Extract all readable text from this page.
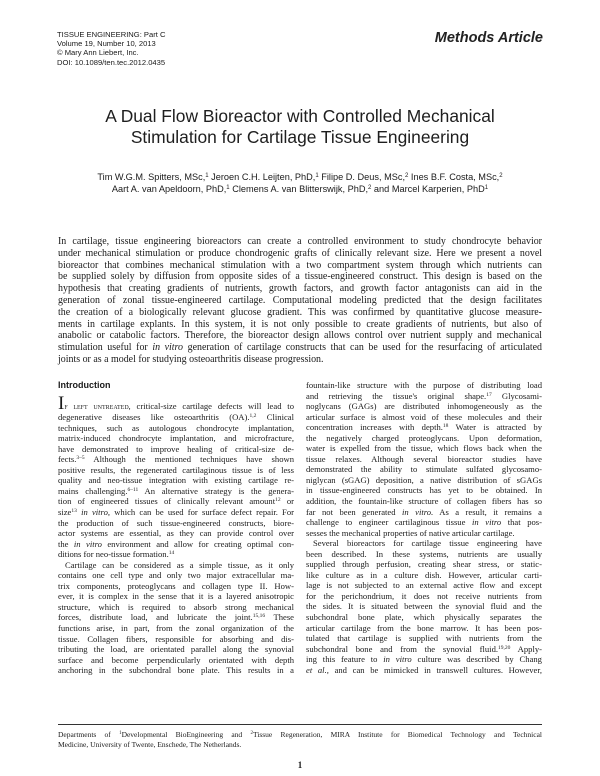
TISSUE ENGINEERING: Part C
Volume 19, Number 10, 2013
© Mary Ann Liebert, Inc.
DOI: 10.1089/ten.tec.2012.0435
Methods Article
A Dual Flow Bioreactor with Controlled Mechanical
Stimulation for Cartilage Tissue Engineering
Tim W.G.M. Spitters, MSc,$^1$ Jeroen C.H. Leijten, PhD,$^1$ Filipe D. Deus, MSc,$^2$ Ines B.F. Costa, MSc,$^2$
Aart A. van Apeldoorn, PhD,$^1$ Clemens A. van Blitterswijk, PhD,$^2$ and Marcel Karperien, PhD$^1$
In cartilage, tissue engineering bioreactors can create a controlled environment to study chondrocyte behavior
under mechanical stimulation or produce chondrogenic grafts of clinically relevant size. Here we present a novel
bioreactor that combines mechanical stimulation with a two compartment system through which nutrients can
be supplied solely by diffusion from opposite sides of a tissue-engineered construct. This design is based on the
hypothesis that creating gradients of nutrients, growth factors, and growth factor antagonists can aid in the
generation of zonal tissue-engineered cartilage. Computational modeling predicted that the design facilitates
the creation of a biologically relevant glucose gradient. This was confirmed by quantitative glucose measure-
ments in cartilage explants. In this system, it is not only possible to create gradients of nutrients, but also of
anabolic or catabolic factors. Therefore, the bioreactor design allows control over nutrient supply and mechanical
stimulation useful for in vitro generation of cartilage constructs that can be used for the resurfacing of articulated
joints or as a model for studying osteoarthritis disease progression.
Introduction
If left untreated, critical-size cartilage defects will lead to
degenerative diseases like osteoarthritis (OA).$^{1,2}$ Clinical
techniques, such as autologous chondrocyte implantation,
matrix-induced chondrocyte implantation, and microfracture,
have demonstrated to improve healing of critical-size de-
fects.$^{3-5}$ Although the mentioned techniques have shown
positive results, the regenerated cartilaginous tissue is of less
quality and neo-tissue integration with existing cartilage re-
mains challenging.$^{6-11}$ An alternative strategy is the genera-
tion of engineered tissues of clinically relevant amount$^{12}$ or
size$^{13}$ in vitro, which can be used for surface defect repair. For
the production of such tissue-engineered constructs, biore-
actor systems are essential, as they can provide control over
the in vitro environment and allow for creating optimal con-
ditions for neo-tissue formation.$^{14}$
Cartilage can be considered as a simple tissue, as it only
contains one cell type and only two major extracellular ma-
trix components, proteoglycans and collagen type II. How-
ever, it is complex in the sense that it is a layered anisotropic
structure, which is required to absorb strong mechanical
forces, distribute load, and lubricate the joint.$^{15,16}$ These
functions arise, in part, from the zonal organization of the
tissue. Collagen fibers, responsible for absorbing and dis-
tributing the load, are orientated parallel along the synovial
surface and become perpendicularly orientated with depth
anchoring in the subchondral bone plate. This results in a
fountain-like structure with the purpose of distributing load
and retrieving the tissue's original shape.$^{17}$ Glycosami-
noglycans (GAGs) are distributed inhomogeneously as the
articular surface is almost void of these molecules and their
concentration increases with depth.$^{18}$ Water is attracted by
the negatively charged proteoglycans. Upon deformation,
water is expelled from the tissue, which flows back when the
tissue relaxes. Although several bioreactor studies have
demonstrated the ability to stimulate sulfated glycosamo-
niglycan (sGAG) deposition, a native distribution of sGAGs
in tissue-engineered constructs has yet to be obtained. In
addition, the fountain-like structure of collagen fibers has so
far not been generated in vitro. As a result, it remains a
challenge to engineer cartilaginous tissue in vitro that pos-
sesses the mechanical properties of native articular cartilage.
Several bioreactors for cartilage tissue engineering have
been described. In these systems, nutrients are usually
supplied through perfusion, creating shear stress, or static-
like culture as in a culture dish. However, articular carti-
lage is not subjected to an external active flow and except
for the perichondrium, it does not receive nutrients from
the sides. It is situated between the synovial fluid and the
subchondral bone plate, which physically separates the
articular cartilage from the bone marrow. It has been pos-
tulated that cartilage is supplied with nutrients from the
subchondral bone and from the synovial fluid.$^{19,20}$ Apply-
ing this feature to in vitro culture was described by Chang
et al., and can be mimicked in transwell cultures. However,
Departments of $^1$Developmental BioEngineering and $^2$Tissue Regeneration, MIRA Institute for Biomedical Technology and Technical
Medicine, University of Twente, Enschede, The Netherlands.
1
